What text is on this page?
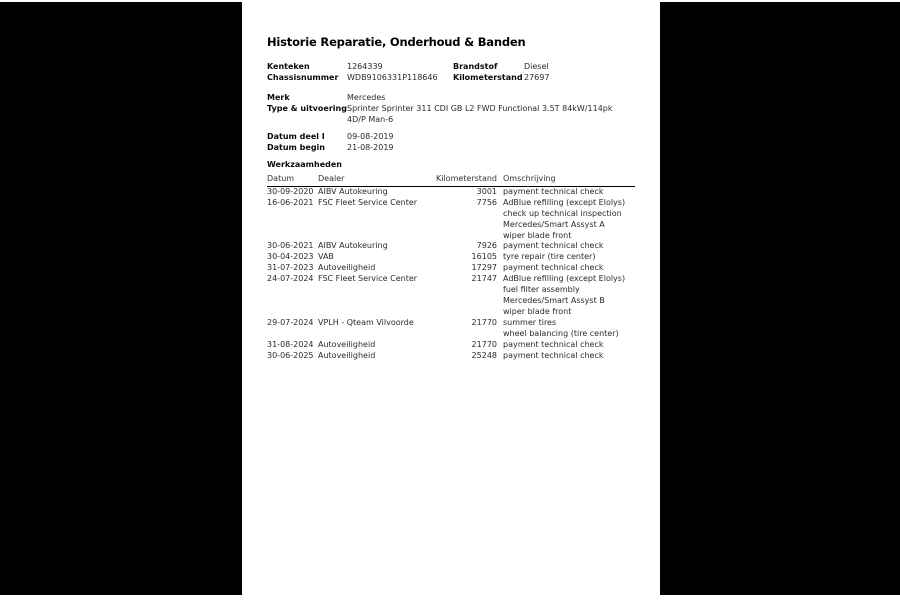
Historie Reparatie, Onderhoud & Banden
Kenteken	1264339	Brandstof	Diesel
Chassisnummer	WDB9106331P118646	Kilometerstand 27697
Merk	Mercedes
Type & uitvoering Sprinter Sprinter 311 CDI GB L2 FWD Functional 3.5T 84kW/114pk
4D/P Man-6
Datum deel I	09-08-2019
Datum begin	21-08-2019
Werkzaamheden
Datum	Dealer	Kilometerstand Omschrijving
30-09-2020 AIBV Autokeuring	3001 payment technical check
16-06-2021 FSC Fleet Service Center	7756 AdBlue refilling (except Elolys)
check up technical inspection
Mercedes/Smart Assyst A
wiper blade front
30-06-2021 AIBV Autokeuring	7926 payment technical check
30-04-2023 VAB	16105 tyre repair (tire center)
31-07-2023 Autoveiligheid	17297 payment technical check
24-07-2024 FSC Fleet Service Center	21747 AdBlue refilling (except Elolys)
fuel filter assembly
Mercedes/Smart Assyst B
wiper blade front
29-07-2024 VPLH - Qteam Vilvoorde	21770 summer tires
wheel balancing (tire center)
31-08-2024 Autoveiligheid	21770 payment technical check
30-06-2025 Autoveiligheid	25248 payment technical check
